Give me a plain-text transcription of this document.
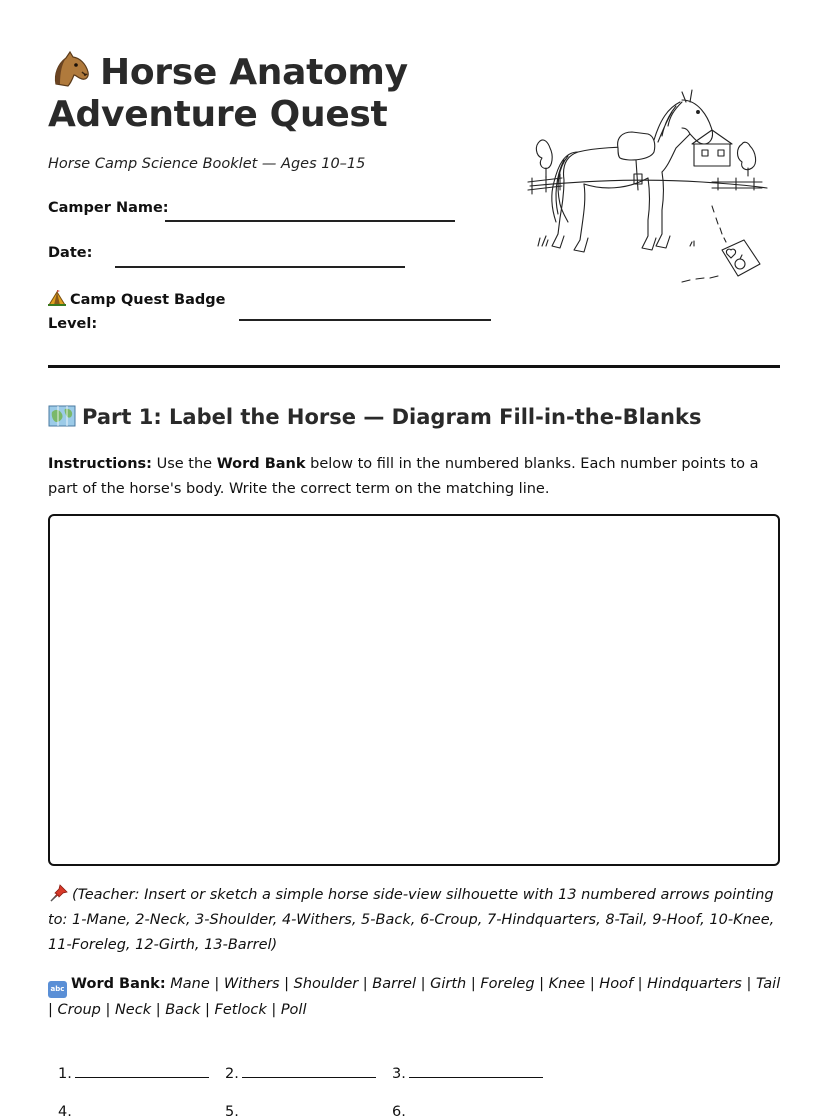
Horse Anatomy
Adventure Quest
Horse Camp Science Booklet — Ages 10–15
Camper Name:
Date:
Camp Quest Badge
Level:
Part 1: Label the Horse — Diagram Fill-in-the-Blanks
Instructions: Use the Word Bank below to fill in the numbered blanks. Each number points to a part of the horse's body. Write the correct term on the matching line.
(Teacher: Insert or sketch a simple horse side-view silhouette with 13 numbered arrows pointing to: 1-Mane, 2-Neck, 3-Shoulder, 4-Withers, 5-Back, 6-Croup, 7-Hindquarters, 8-Tail, 9-Hoof, 10-Knee, 11-Foreleg, 12-Girth, 13-Barrel)
abc Word Bank: Mane | Withers | Shoulder | Barrel | Girth | Foreleg | Knee | Hoof | Hindquarters | Tail | Croup | Neck | Back | Fetlock | Poll
1.	2.	3.
4.	5.	6.
